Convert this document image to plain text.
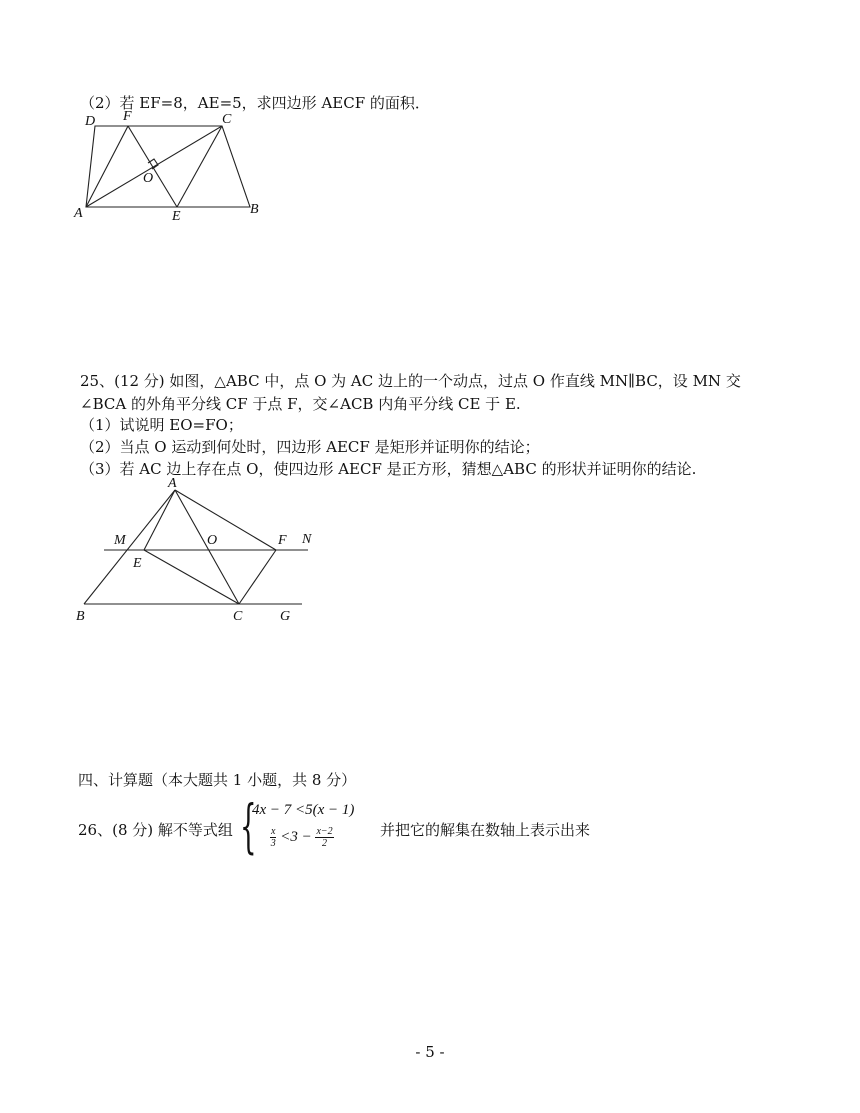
（2）若 EF=8，AE=5，求四边形 AECF 的面积．
D F	C
O
A	E	B
25、(12 分) 如图，△ABC 中，点 O 为 AC 边上的一个动点，过点 O 作直线 MN∥BC，设 MN 交
∠BCA 的外角平分线 CF 于点 F，交∠ACB 内角平分线 CE 于 E.
（1）试说明 EO=FO；
（2）当点 O 运动到何处时，四边形 AECF 是矩形并证明你的结论；
（3）若 AC 边上存在点 O，使四边形 AECF 是正方形，猜想△ABC 的形状并证明你的结论.
A
M	O	F N
E
B	C	G
四、计算题（本大题共 1 小题，共 8 分）
26、(8 分) 解不等式组 {
4x − 7 <5(x − 1)
$\frac{x}{3} <3 - \frac{x-2}{2}$	并把它的解集在数轴上表示出来
- 5 -
